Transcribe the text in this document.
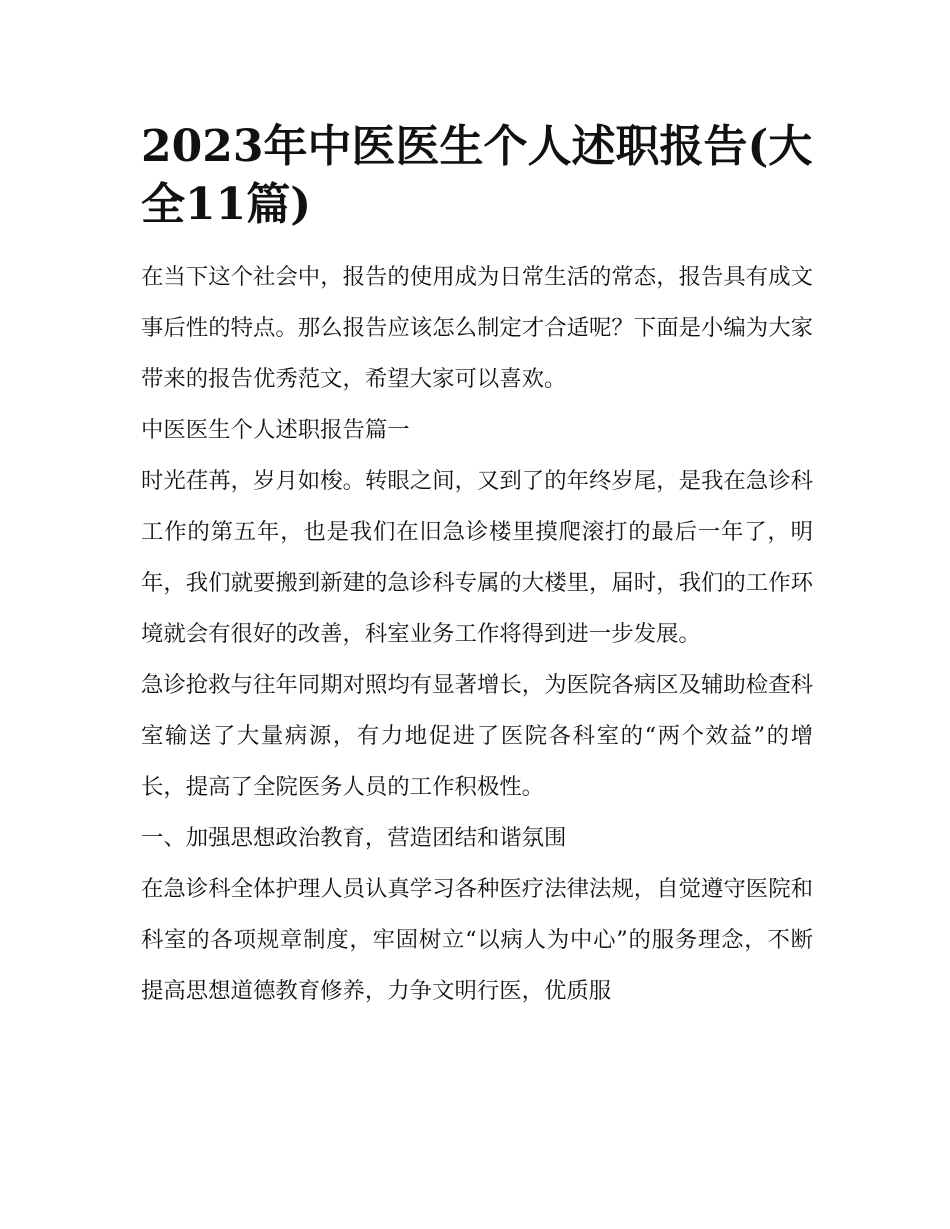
2023年中医医生个人述职报告(大全11篇)

在当下这个社会中，报告的使用成为日常生活的常态，报告具有成文事后性的特点。那么报告应该怎么制定才合适呢？下面是小编为大家带来的报告优秀范文，希望大家可以喜欢。

中医医生个人述职报告篇一

时光荏苒，岁月如梭。转眼之间，又到了的年终岁尾，是我在急诊科工作的第五年，也是我们在旧急诊楼里摸爬滚打的最后一年了，明年，我们就要搬到新建的急诊科专属的大楼里，届时，我们的工作环境就会有很好的改善，科室业务工作将得到进一步发展。

急诊抢救与往年同期对照均有显著增长，为医院各病区及辅助检查科室输送了大量病源，有力地促进了医院各科室的“两个效益”的增长，提高了全院医务人员的工作积极性。

一、加强思想政治教育，营造团结和谐氛围

在急诊科全体护理人员认真学习各种医疗法律法规，自觉遵守医院和科室的各项规章制度，牢固树立“以病人为中心”的服务理念，不断提高思想道德教育修养，力争文明行医，优质服
